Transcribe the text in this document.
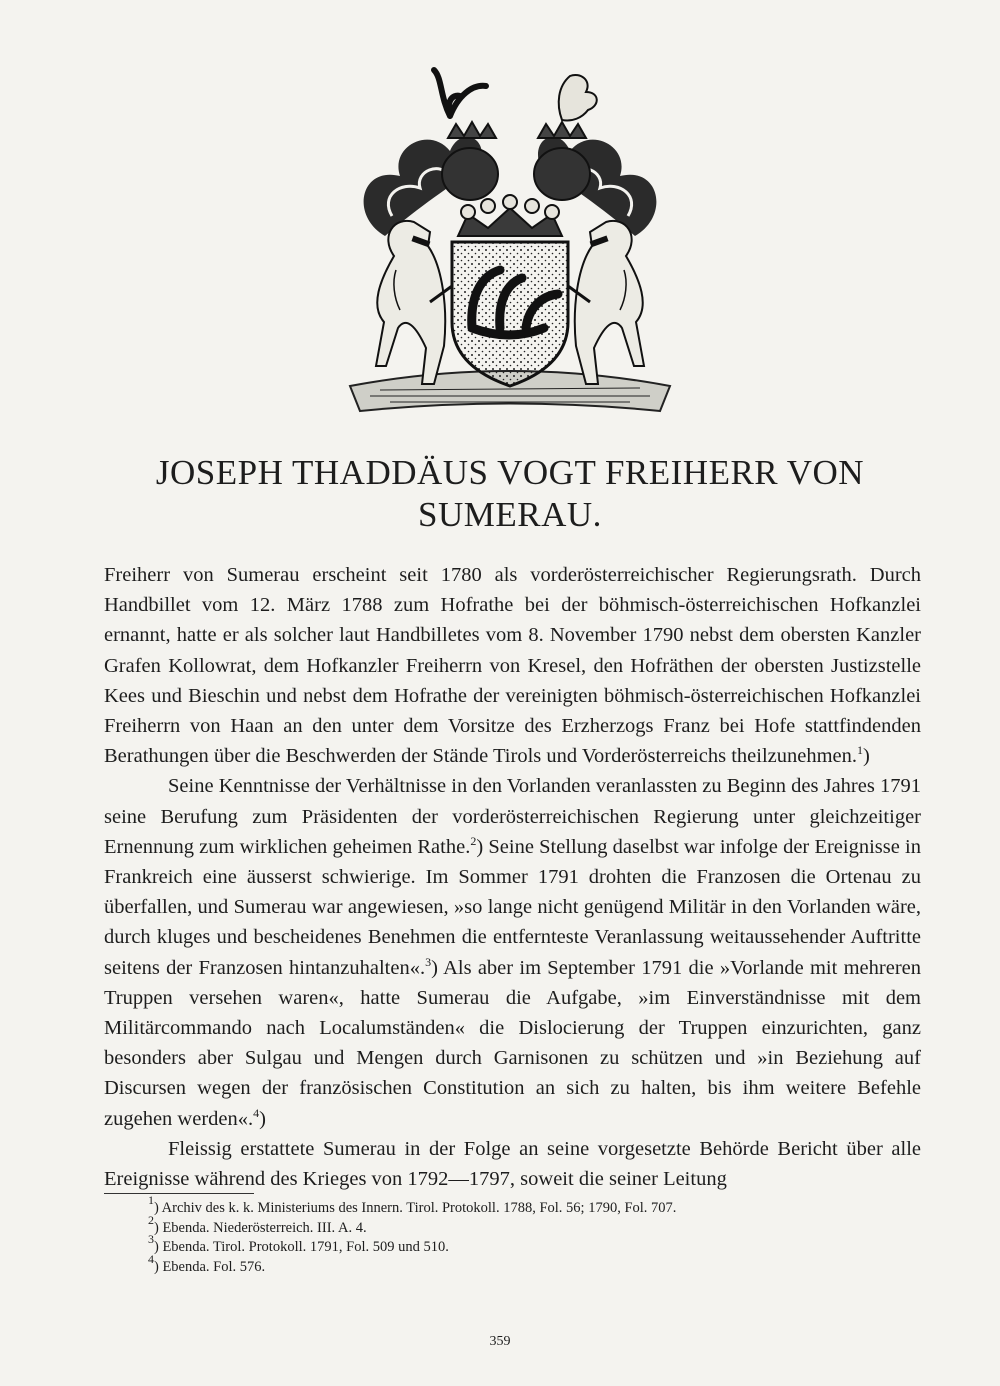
JOSEPH THADDÄUS VOGT FREIHERR VON SUMERAU.

Freiherr von Sumerau erscheint seit 1780 als vorderösterreichischer Regierungsrath. Durch Handbillet vom 12. März 1788 zum Hofrathe bei der böhmisch-österreichischen Hofkanzlei ernannt, hatte er als solcher laut Handbilletes vom 8. November 1790 nebst dem obersten Kanzler Grafen Kollowrat, dem Hofkanzler Freiherrn von Kresel, den Hofräthen der obersten Justizstelle Kees und Bieschin und nebst dem Hofrathe der vereinigten böhmisch-österreichischen Hofkanzlei Freiherrn von Haan an den unter dem Vorsitze des Erzherzogs Franz bei Hofe stattfindenden Berathungen über die Beschwerden der Stände Tirols und Vorderösterreichs theilzunehmen.$^1$)

Seine Kenntnisse der Verhältnisse in den Vorlanden veranlassten zu Beginn des Jahres 1791 seine Berufung zum Präsidenten der vorderösterreichischen Regierung unter gleichzeitiger Ernennung zum wirklichen geheimen Rathe.$^2$) Seine Stellung daselbst war infolge der Ereignisse in Frankreich eine äusserst schwierige. Im Sommer 1791 drohten die Franzosen die Ortenau zu überfallen, und Sumerau war angewiesen, »so lange nicht genügend Militär in den Vorlanden wäre, durch kluges und bescheidenes Benehmen die entfernteste Veranlassung weitaussehender Auftritte seitens der Franzosen hintanzuhalten«.$^3$) Als aber im September 1791 die »Vorlande mit mehreren Truppen versehen waren«, hatte Sumerau die Aufgabe, »im Einverständnisse mit dem Militärcommando nach Localumständen« die Dislocierung der Truppen einzurichten, ganz besonders aber Sulgau und Mengen durch Garnisonen zu schützen und »in Beziehung auf Discursen wegen der französischen Constitution an sich zu halten, bis ihm weitere Befehle zugehen werden«.$^4$)

Fleissig erstattete Sumerau in der Folge an seine vorgesetzte Behörde Bericht über alle Ereignisse während des Krieges von 1792—1797, soweit die seiner Leitung

$^1$) Archiv des k. k. Ministeriums des Innern. Tirol. Protokoll. 1788, Fol. 56; 1790, Fol. 707.
$^2$) Ebenda. Niederösterreich. III. A. 4.
$^3$) Ebenda. Tirol. Protokoll. 1791, Fol. 509 und 510.
$^4$) Ebenda. Fol. 576.
359
